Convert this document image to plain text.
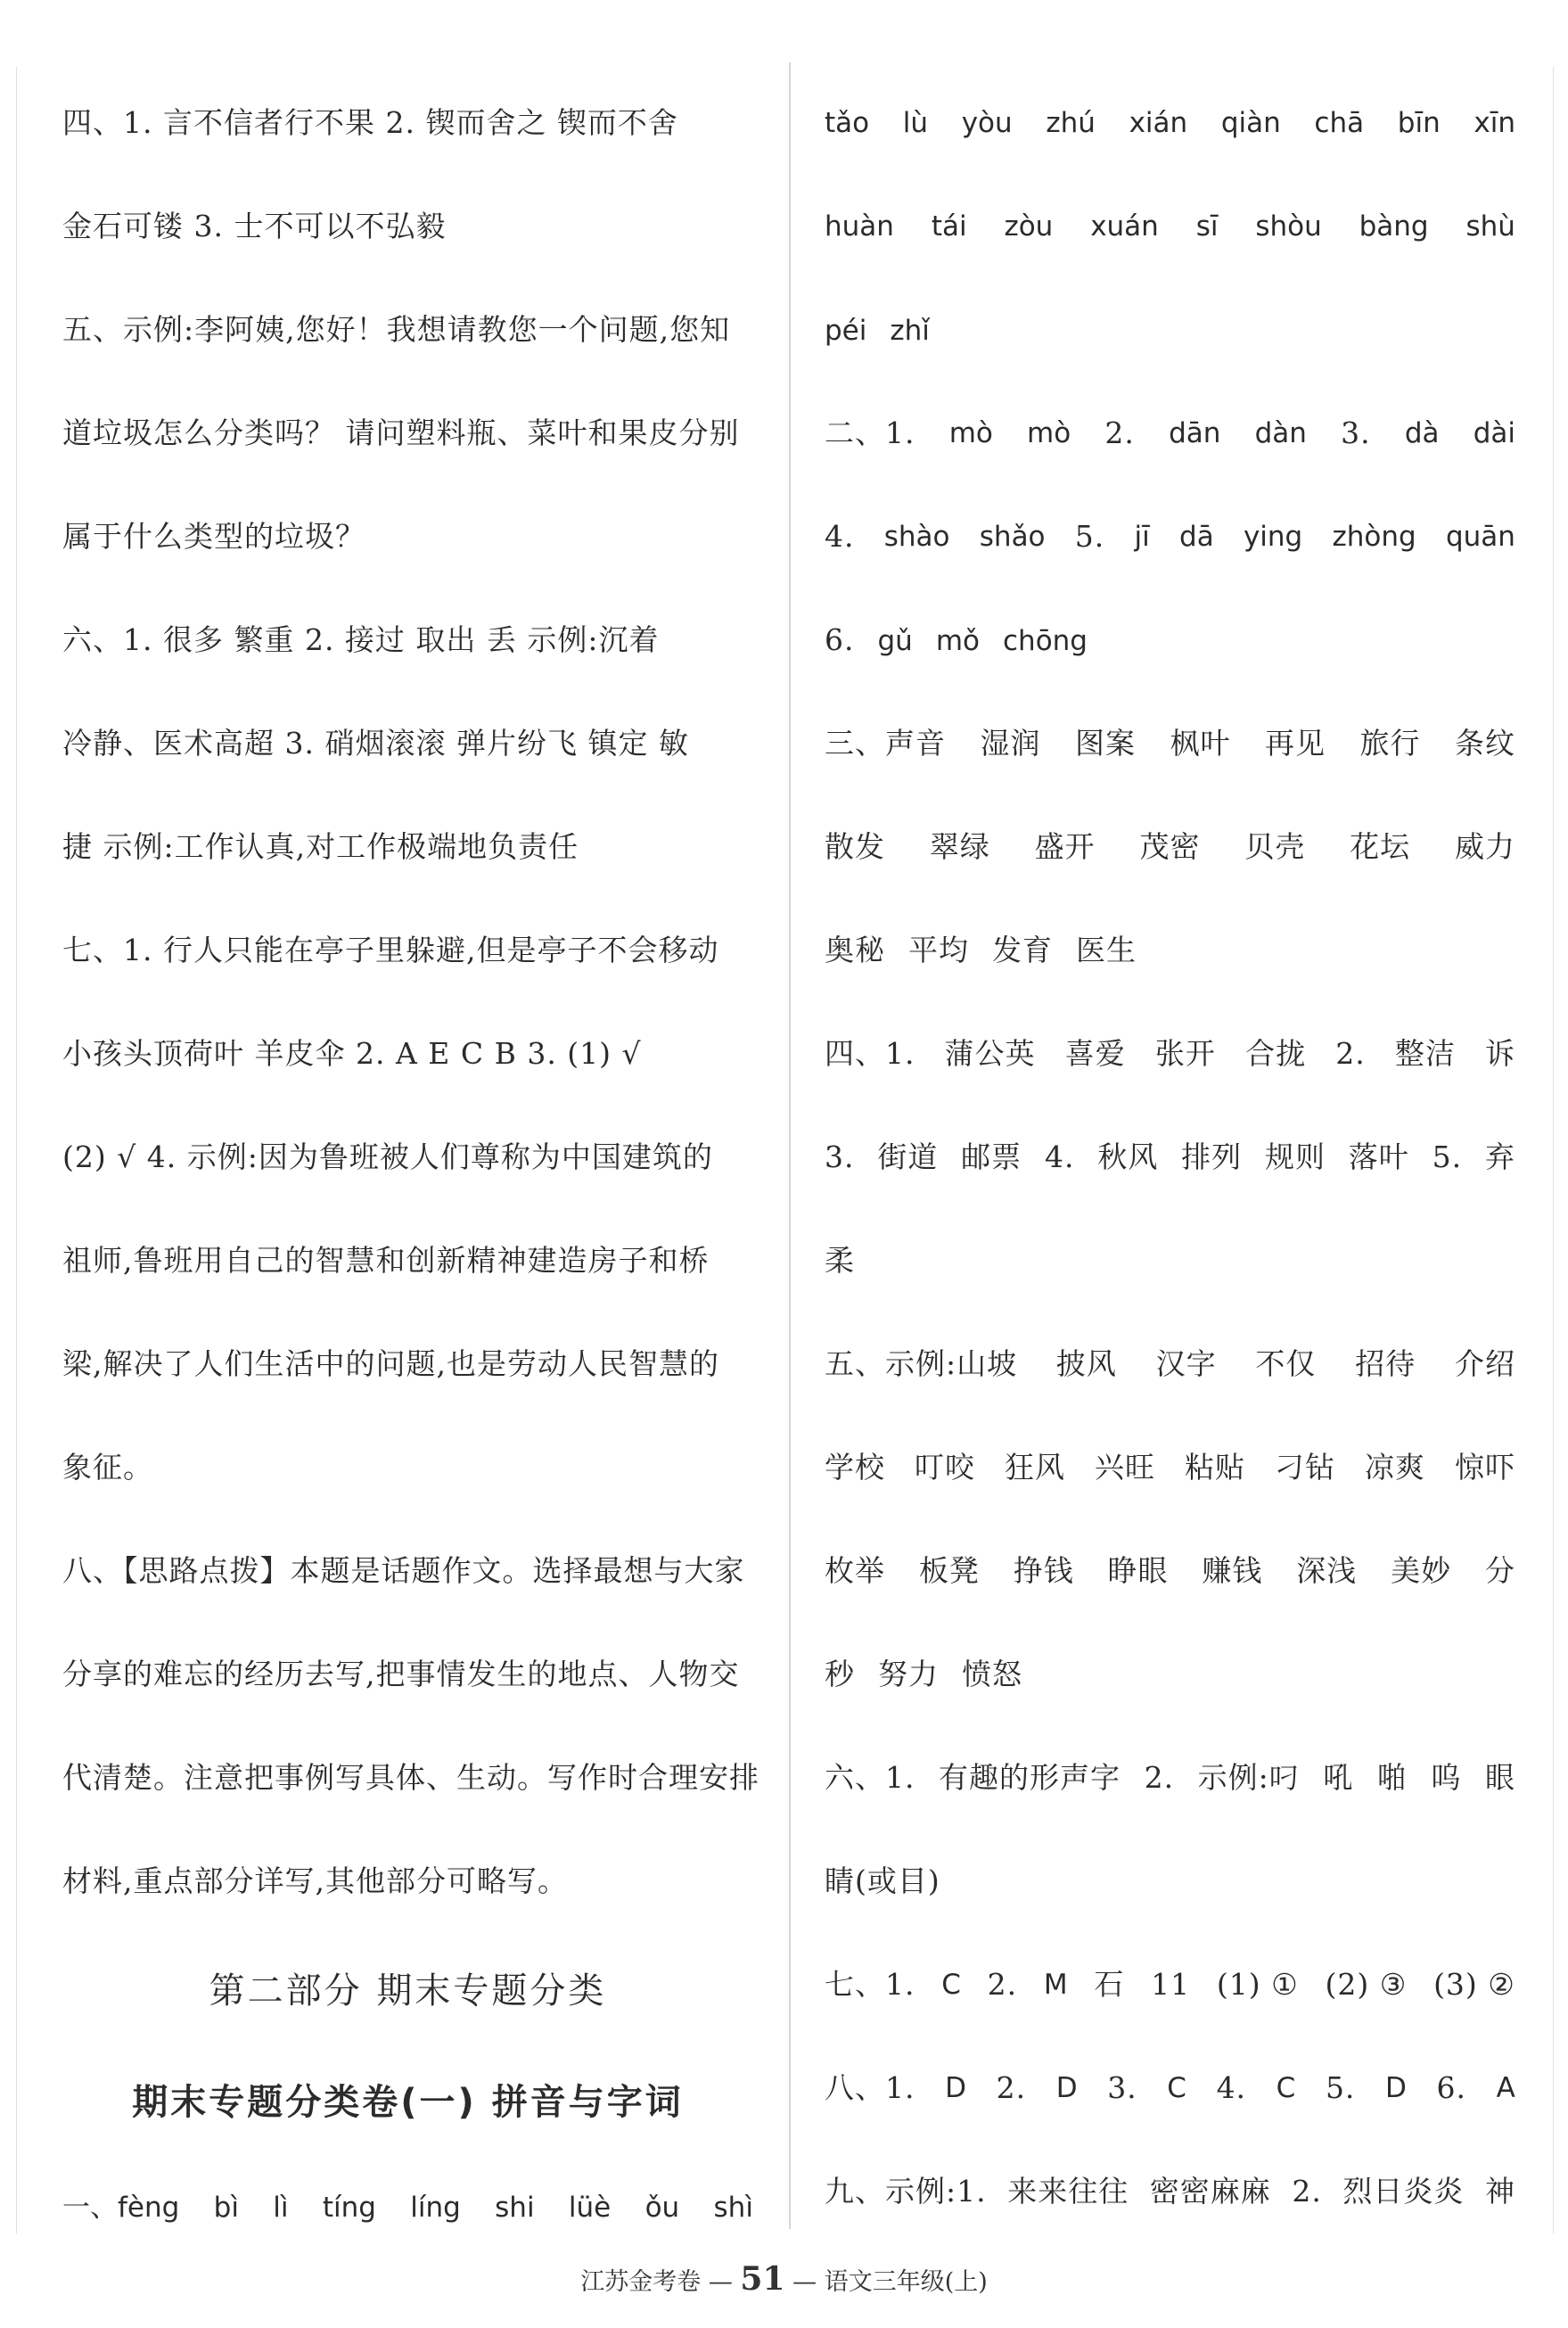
四、1. 言不信者行不果 2. 锲而舍之 锲而不舍
金石可镂 3. 士不可以不弘毅
五、示例:李阿姨,您好！我想请教您一个问题,您知
道垃圾怎么分类吗？ 请问塑料瓶、菜叶和果皮分别
属于什么类型的垃圾？
六、1. 很多 繁重 2. 接过 取出 丢 示例:沉着
冷静、医术高超 3. 硝烟滚滚 弹片纷飞 镇定 敏
捷 示例:工作认真,对工作极端地负责任
七、1. 行人只能在亭子里躲避,但是亭子不会移动
小孩头顶荷叶 羊皮伞 2. A E C B 3. (1) √
(2) √ 4. 示例:因为鲁班被人们尊称为中国建筑的
祖师,鲁班用自己的智慧和创新精神建造房子和桥
梁,解决了人们生活中的问题,也是劳动人民智慧的
象征。
八、【思路点拨】本题是话题作文。选择最想与大家
分享的难忘的经历去写,把事情发生的地点、人物交
代清楚。注意把事例写具体、生动。写作时合理安排
材料,重点部分详写,其他部分可略写。
第二部分 期末专题分类
期末专题分类卷(一) 拼音与字词
一、fèng bì lì tíng líng shi lüè ǒu shì
tǎo lù yòu zhú xián qiàn chā bīn xīn
huàn tái zòu xuán sī shòu bàng shù
péi zhǐ
二、1. mò mò 2. dān dàn 3. dà dài
4. shào shǎo 5. jī dā ying zhòng quān
6. gǔ mǒ chōng
三、声音 湿润 图案 枫叶 再见 旅行 条纹
散发 翠绿 盛开 茂密 贝壳 花坛 威力
奥秘 平均 发育 医生
四、1. 蒲公英 喜爱 张开 合拢 2. 整洁 诉
3. 街道 邮票 4. 秋风 排列 规则 落叶 5. 弃
柔
五、示例:山坡 披风 汉字 不仅 招待 介绍
学校 叮咬 狂风 兴旺 粘贴 刁钻 凉爽 惊吓
枚举 板凳 挣钱 睁眼 赚钱 深浅 美妙 分
秒 努力 愤怒
六、1. 有趣的形声字 2. 示例:叼 吼 啪 呜 眼
睛(或目)
七、1. C 2. M 石 11 (1) ① (2) ③ (3) ②
八、1. D 2. D 3. C 4. C 5. D 6. A
九、示例:1. 来来往往 密密麻麻 2. 烈日炎炎 神
江苏金考卷 — 51 — 语文三年级(上)
